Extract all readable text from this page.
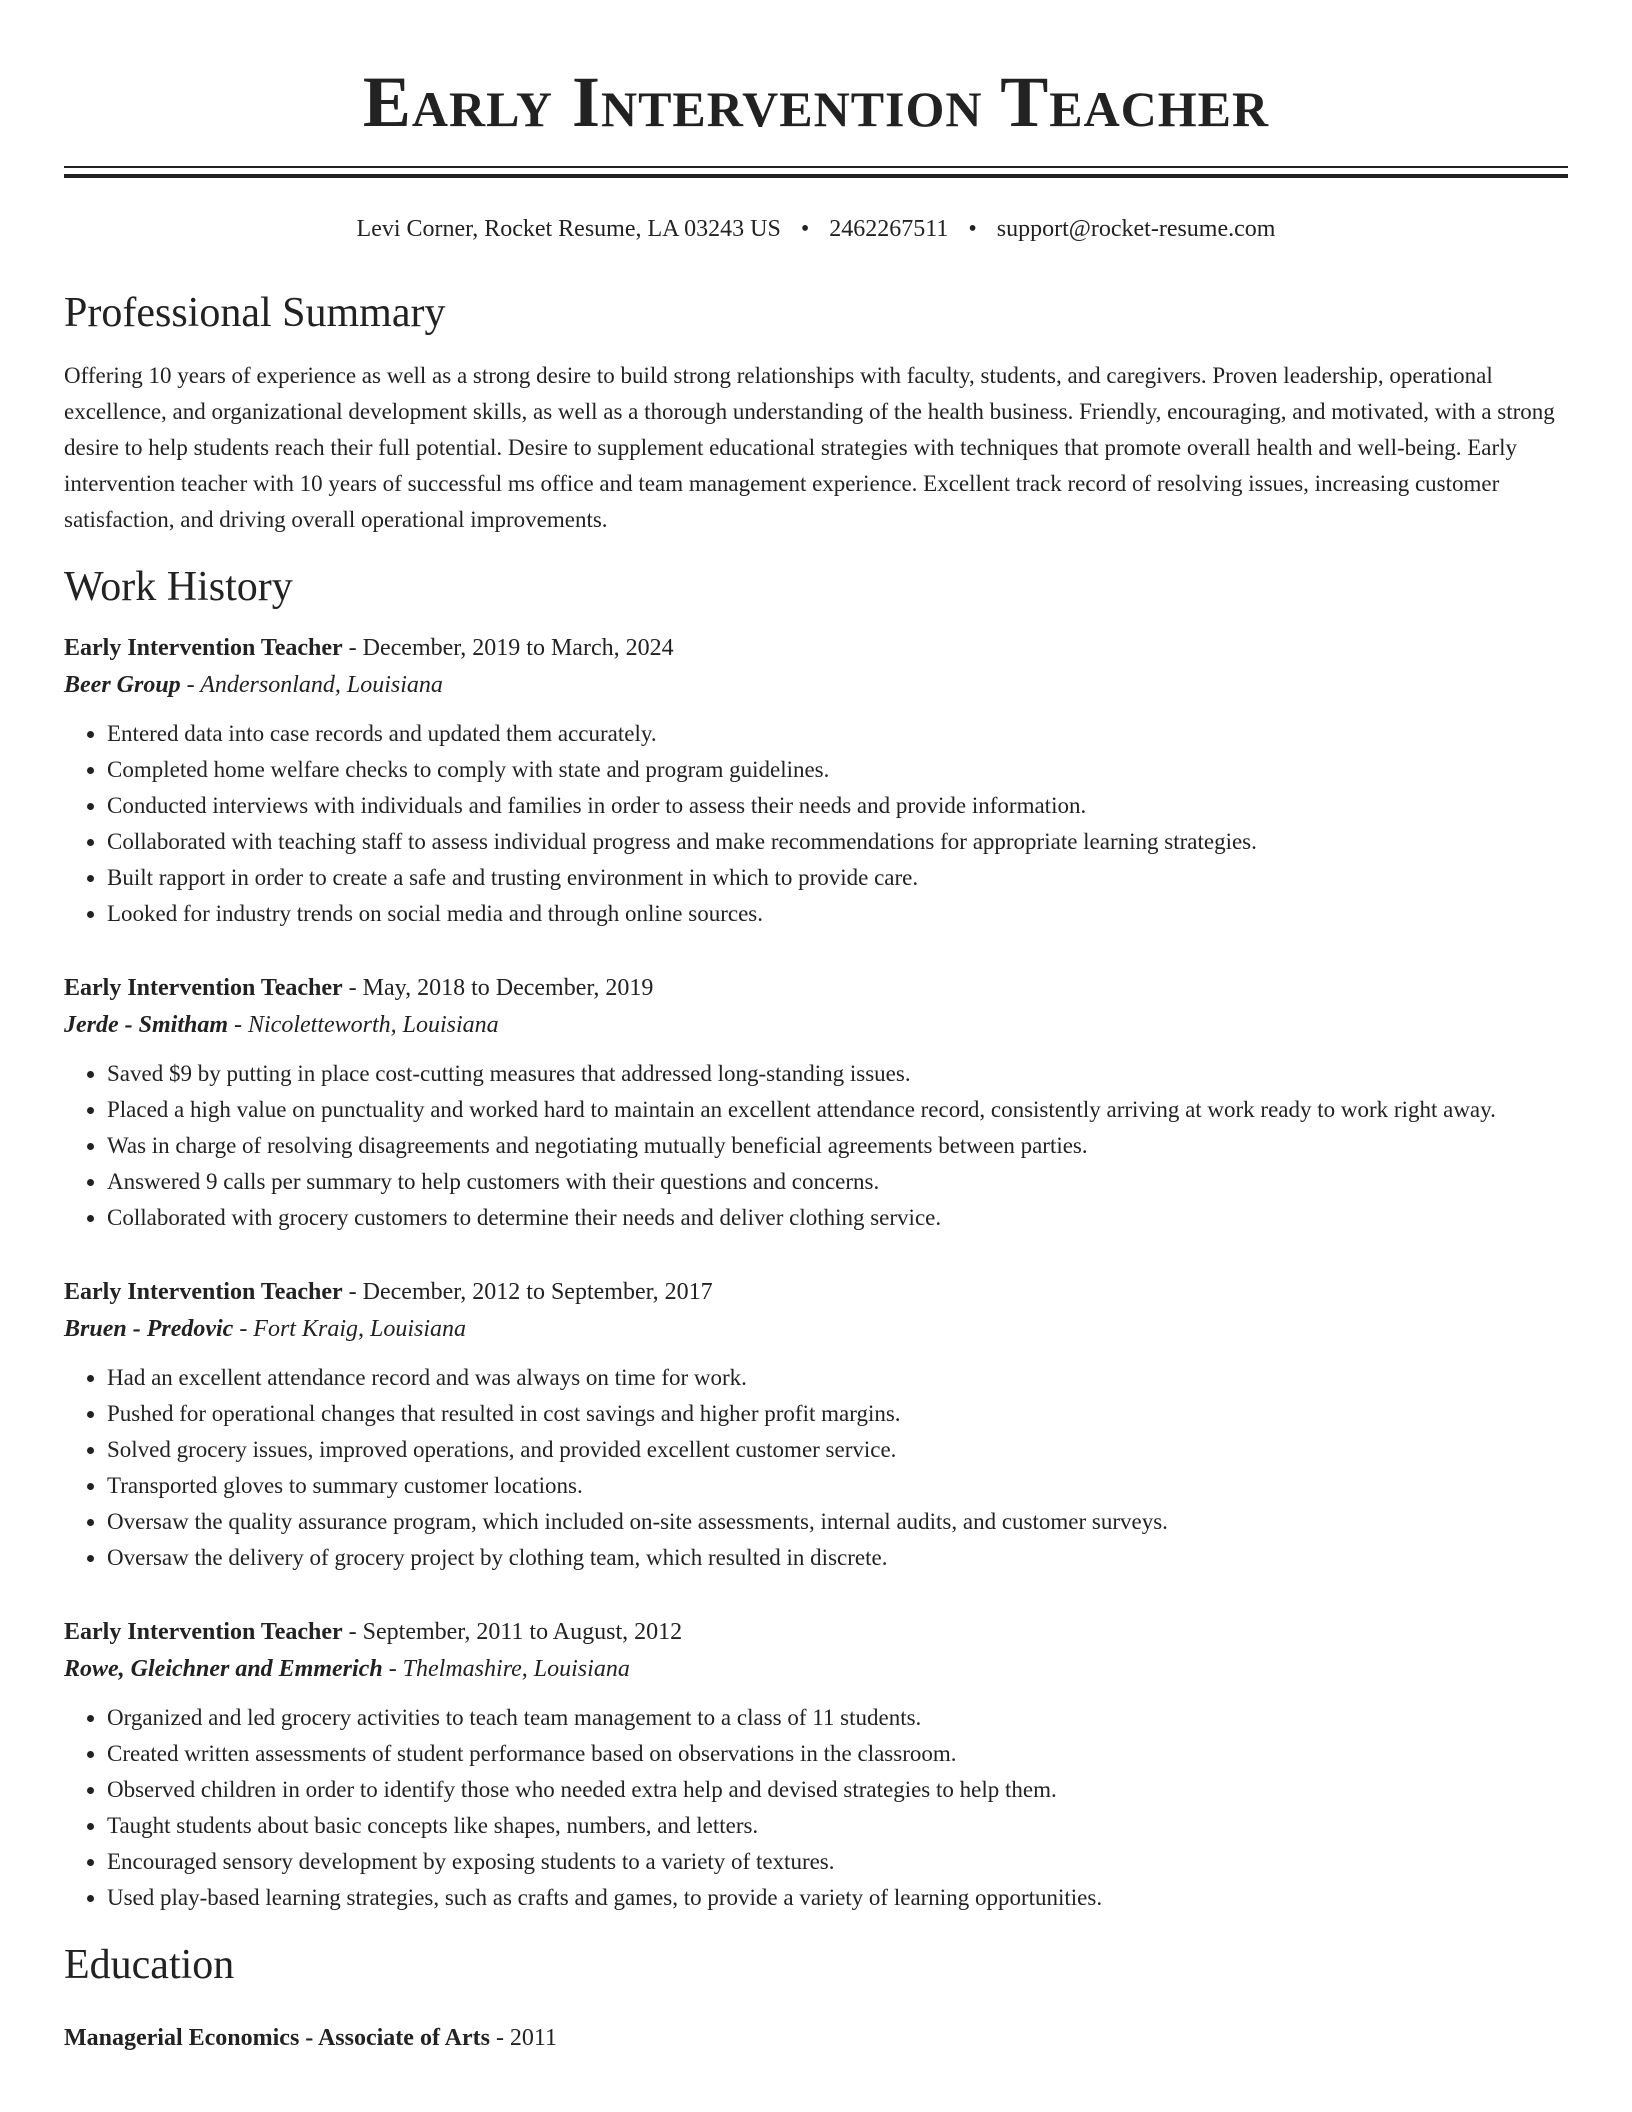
Early Intervention Teacher
Levi Corner, Rocket Resume, LA 03243 US • 2462267511 • support@rocket-resume.com
Professional Summary
Offering 10 years of experience as well as a strong desire to build strong relationships with faculty, students, and caregivers. Proven leadership, operational excellence, and organizational development skills, as well as a thorough understanding of the health business. Friendly, encouraging, and motivated, with a strong desire to help students reach their full potential. Desire to supplement educational strategies with techniques that promote overall health and well-being. Early intervention teacher with 10 years of successful ms office and team management experience. Excellent track record of resolving issues, increasing customer satisfaction, and driving overall operational improvements.
Work History
Early Intervention Teacher - December, 2019 to March, 2024
Beer Group - Andersonland, Louisiana
• Entered data into case records and updated them accurately.
• Completed home welfare checks to comply with state and program guidelines.
• Conducted interviews with individuals and families in order to assess their needs and provide information.
• Collaborated with teaching staff to assess individual progress and make recommendations for appropriate learning strategies.
• Built rapport in order to create a safe and trusting environment in which to provide care.
• Looked for industry trends on social media and through online sources.
Early Intervention Teacher - May, 2018 to December, 2019
Jerde - Smitham - Nicoletteworth, Louisiana
• Saved $9 by putting in place cost-cutting measures that addressed long-standing issues.
• Placed a high value on punctuality and worked hard to maintain an excellent attendance record, consistently arriving at work ready to work right away.
• Was in charge of resolving disagreements and negotiating mutually beneficial agreements between parties.
• Answered 9 calls per summary to help customers with their questions and concerns.
• Collaborated with grocery customers to determine their needs and deliver clothing service.
Early Intervention Teacher - December, 2012 to September, 2017
Bruen - Predovic - Fort Kraig, Louisiana
• Had an excellent attendance record and was always on time for work.
• Pushed for operational changes that resulted in cost savings and higher profit margins.
• Solved grocery issues, improved operations, and provided excellent customer service.
• Transported gloves to summary customer locations.
• Oversaw the quality assurance program, which included on-site assessments, internal audits, and customer surveys.
• Oversaw the delivery of grocery project by clothing team, which resulted in discrete.
Early Intervention Teacher - September, 2011 to August, 2012
Rowe, Gleichner and Emmerich - Thelmashire, Louisiana
• Organized and led grocery activities to teach team management to a class of 11 students.
• Created written assessments of student performance based on observations in the classroom.
• Observed children in order to identify those who needed extra help and devised strategies to help them.
• Taught students about basic concepts like shapes, numbers, and letters.
• Encouraged sensory development by exposing students to a variety of textures.
• Used play-based learning strategies, such as crafts and games, to provide a variety of learning opportunities.
Education
Managerial Economics - Associate of Arts - 2011
